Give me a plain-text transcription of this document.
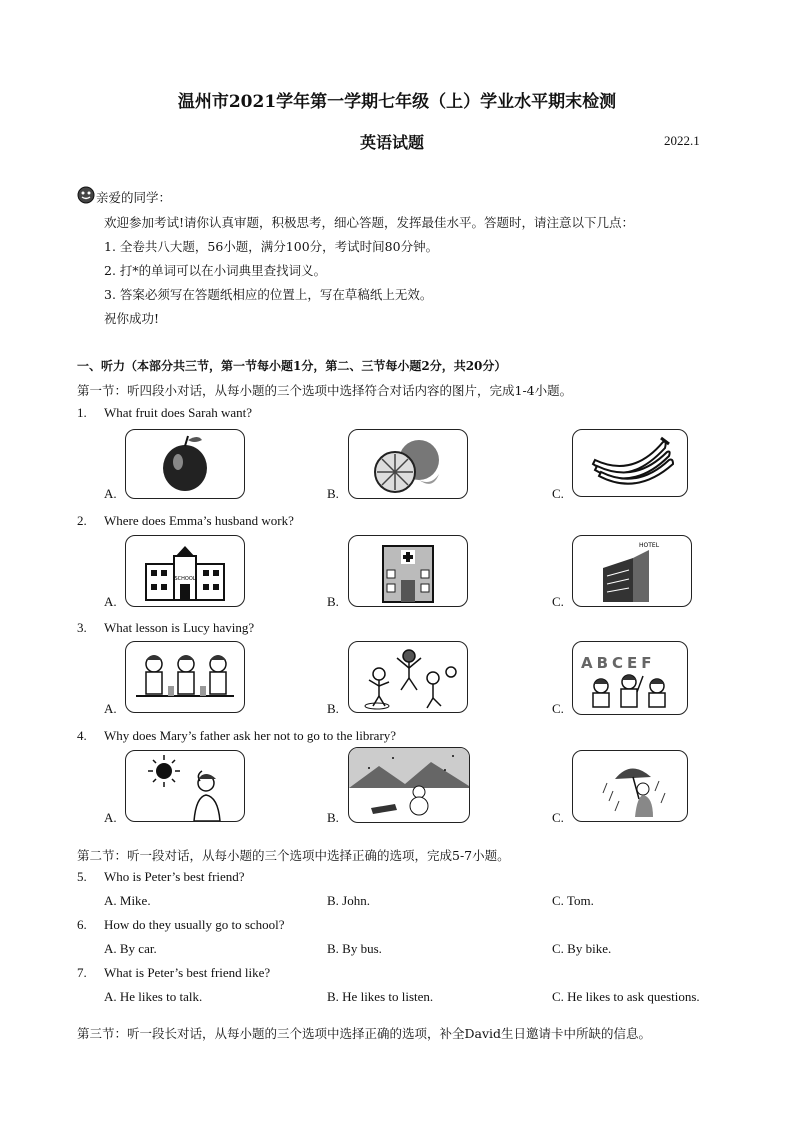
温州市2021学年第一学期七年级（上）学业水平期末检测
英语试题	2022.1
亲爱的同学：
欢迎参加考试!请你认真审题，积极思考，细心答题，发挥最佳水平。答题时，请注意以下几点：
1. 全卷共八大题，56小题，满分100分，考试时间80分钟。
2. 打*的单词可以在小词典里查找词义。
3. 答案必须写在答题纸相应的位置上，写在草稿纸上无效。
祝你成功!
一、听力（本部分共三节，第一节每小题1分，第二、三节每小题2分，共20分）
第一节：听四段小对话，从每小题的三个选项中选择符合对话内容的图片，完成1-4小题。
1. What fruit does Sarah want?
A.	B.	C.
2. Where does Emma’s husband work?
A.
SCHOOL
B.	C.
HOTEL
3. What lesson is Lucy having?
A.	B.	C.
ABCEF
4. Why does Mary’s father ask her not to go to the library?
A.	B.	C.
第二节：听一段对话，从每小题的三个选项中选择正确的选项，完成5-7小题。
5. Who is Peter’s best friend?
A. Mike.	B. John.	C. Tom.
6. How do they usually go to school?
A. By car.	B. By bus.	C. By bike.
7. What is Peter’s best friend like?
A. He likes to talk.	B. He likes to listen.	C. He likes to ask questions.
第三节：听一段长对话，从每小题的三个选项中选择正确的选项，补全David生日邀请卡中所缺的信息。
